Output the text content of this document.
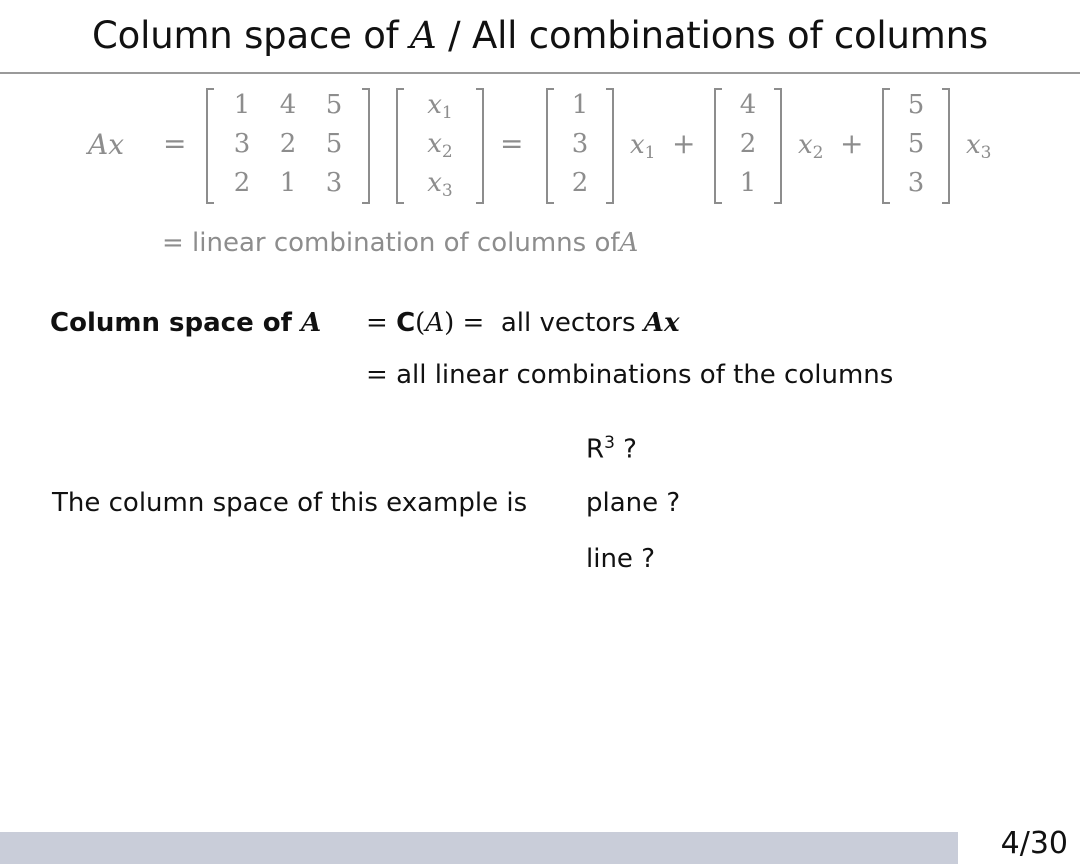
Column space of A / All combinations of columns
Ax =
1	4	5
3	2	5
2	1	3
$x_1$
$x_2$
$x_3$
=
1
3
2
$x_1$ +
4
2
1
$x_2$ +
5
5
3
$x_3$
= linear combination of columns ofA
Column space of A = C(A) = all vectors Ax
= all linear combinations of the columns
The column space of this example is
$R^3$ ?
plane ?
line ?
4/30
